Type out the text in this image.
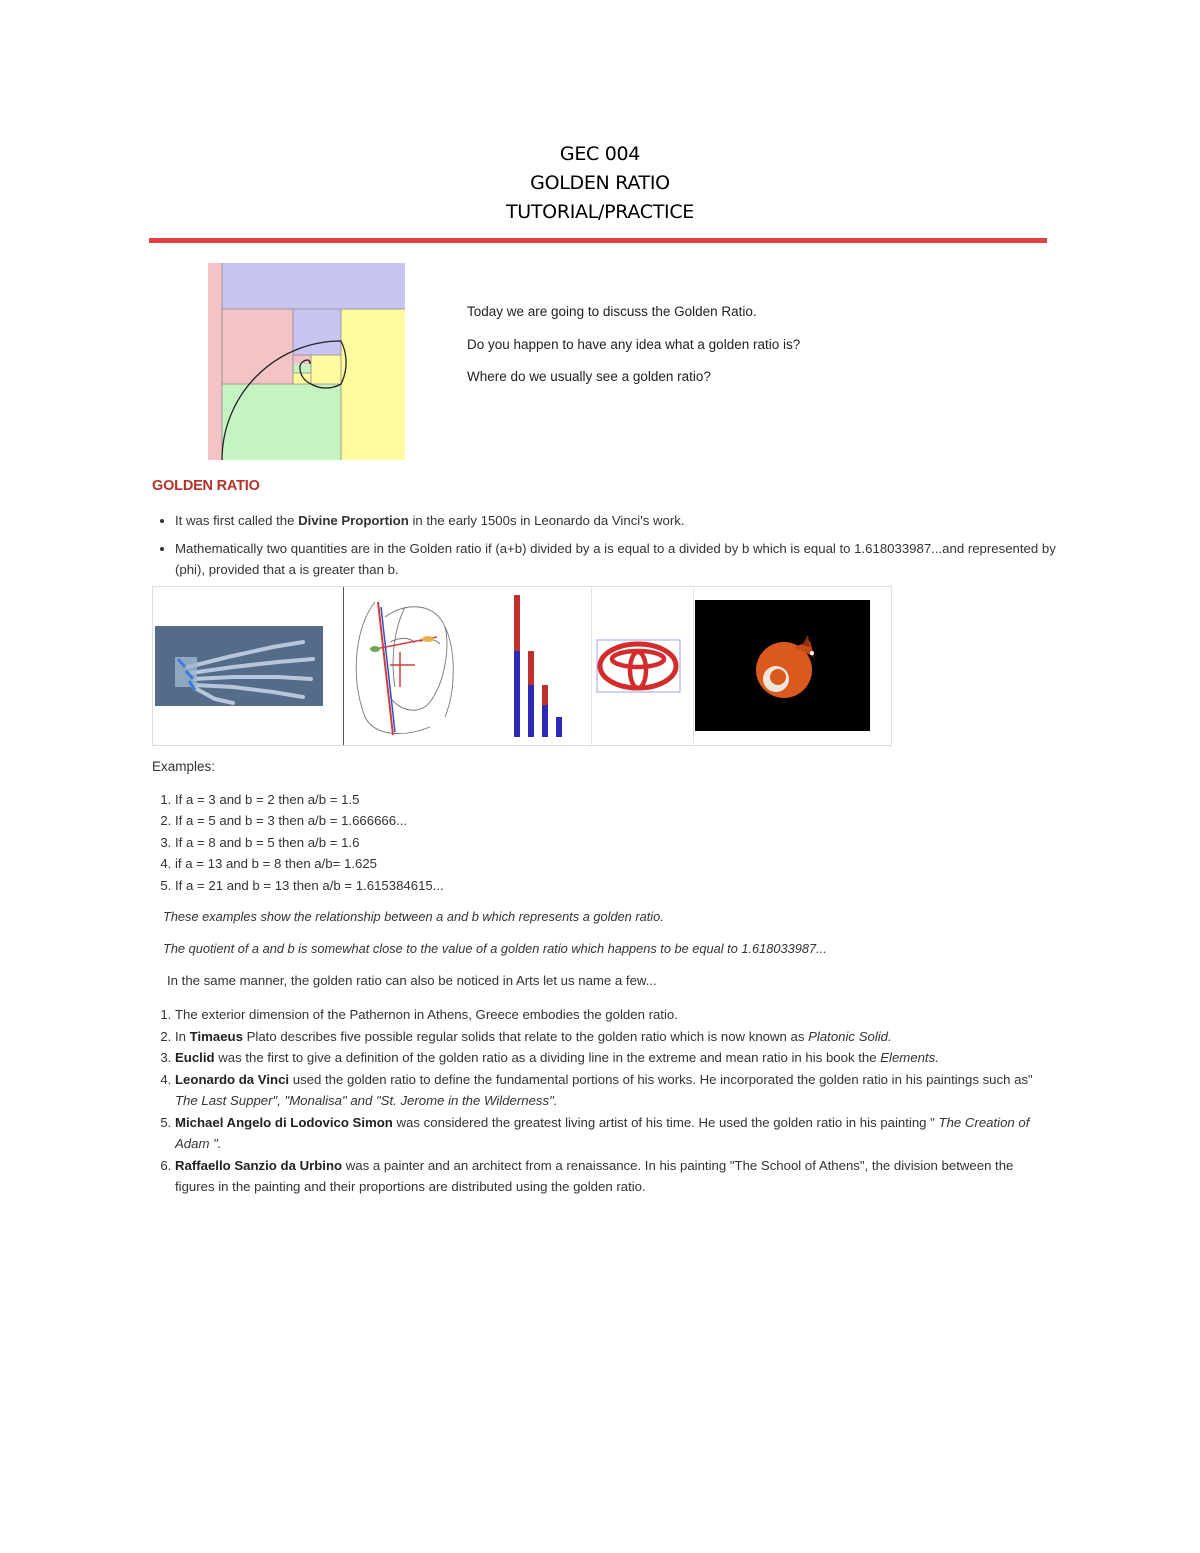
GEC 004
GOLDEN RATIO
TUTORIAL/PRACTICE

Today we are going to discuss the Golden Ratio.

Do you happen to have any idea what a golden ratio is?

Where do we usually see a golden ratio?

GOLDEN RATIO
• It was first called the Divine Proportion in the early 1500s in Leonardo da Vinci's work.
• Mathematically two quantities are in the Golden ratio if (a+b) divided by a is equal to a divided by b which is equal to 1.618033987...and represented by (phi), provided that a is greater than b.
Examples:
1. If a = 3 and b = 2 then a/b = 1.5
2. If a = 5 and b = 3 then a/b = 1.666666...
3. If a = 8 and b = 5 then a/b = 1.6
4. if a = 13 and b = 8 then a/b= 1.625
5. If a = 21 and b = 13 then a/b = 1.615384615...
These examples show the relationship between a and b which represents a golden ratio.
The quotient of a and b is somewhat close to the value of a golden ratio which happens to be equal to 1.618033987...
In the same manner, the golden ratio can also be noticed in Arts let us name a few...
1. The exterior dimension of the Pathernon in Athens, Greece embodies the golden ratio.
2. In Timaeus Plato describes five possible regular solids that relate to the golden ratio which is now known as Platonic Solid.
3. Euclid was the first to give a definition of the golden ratio as a dividing line in the extreme and mean ratio in his book the Elements.
4. Leonardo da Vinci used the golden ratio to define the fundamental portions of his works. He incorporated the golden ratio in his paintings such as" The Last Supper", "Monalisa" and "St. Jerome in the Wilderness".
5. Michael Angelo di Lodovico Simon was considered the greatest living artist of his time. He used the golden ratio in his painting " The Creation of Adam ".
6. Raffaello Sanzio da Urbino was a painter and an architect from a renaissance. In his painting "The School of Athens", the division between the figures in the painting and their proportions are distributed using the golden ratio.
